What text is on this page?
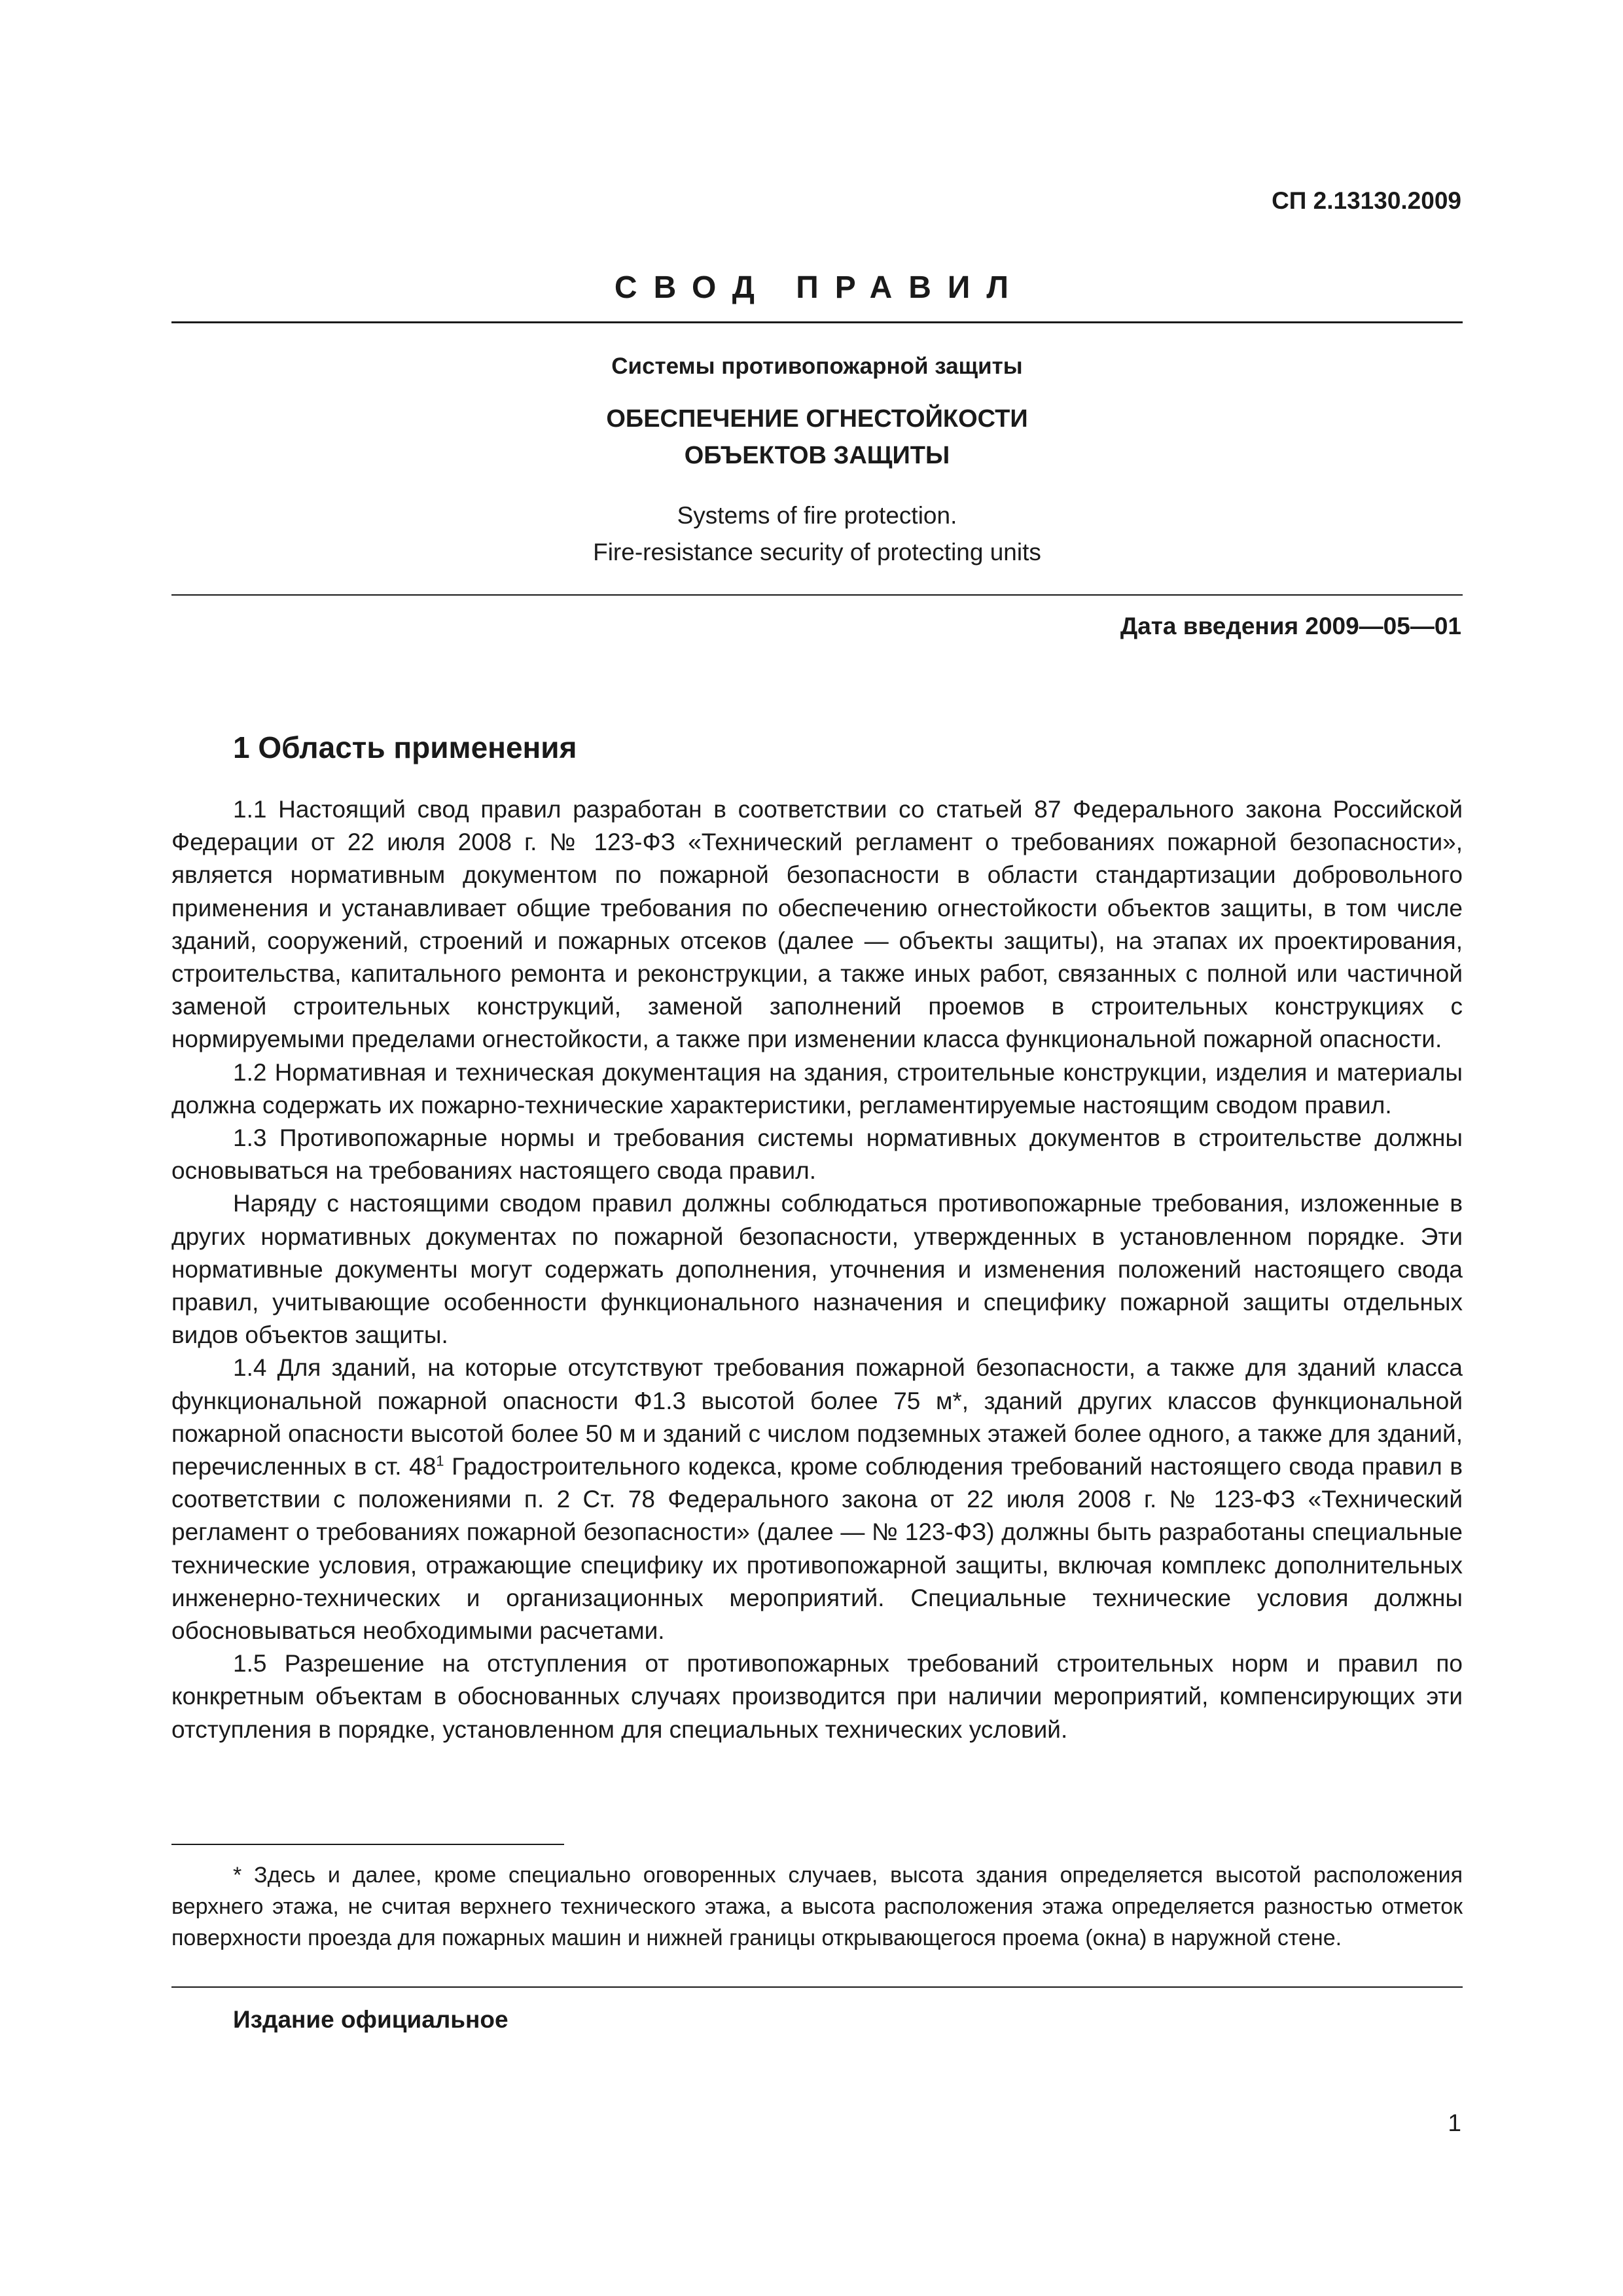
СП 2.13130.2009
СВОД ПРАВИЛ
Системы противопожарной защиты
ОБЕСПЕЧЕНИЕ ОГНЕСТОЙКОСТИ
ОБЪЕКТОВ ЗАЩИТЫ
Systems of fire protection.
Fire-resistance security of protecting units
Дата введения 2009—05—01
1 Область применения

1.1 Настоящий свод правил разработан в соответствии со статьей 87 Федерального закона Российской Федерации от 22 июля 2008 г. № 123-ФЗ «Технический регламент о требованиях пожарной безопасности», является нормативным документом по пожарной безопасности в области стандартизации добровольного применения и устанавливает общие требования по обеспечению огнестойкости объектов защиты, в том числе зданий, сооружений, строений и пожарных отсеков (далее — объекты защиты), на этапах их проектирования, строительства, капитального ремонта и реконструкции, а также иных работ, связанных с полной или частичной заменой строительных конструкций, заменой заполнений проемов в строительных конструкциях с нормируемыми пределами огнестойкости, а также при изменении класса функциональной пожарной опасности.

1.2 Нормативная и техническая документация на здания, строительные конструкции, изделия и материалы должна содержать их пожарно-технические характеристики, регламентируемые настоящим сводом правил.

1.3 Противопожарные нормы и требования системы нормативных документов в строительстве должны основываться на требованиях настоящего свода правил.

Наряду с настоящими сводом правил должны соблюдаться противопожарные требования, изложенные в других нормативных документах по пожарной безопасности, утвержденных в установленном порядке. Эти нормативные документы могут содержать дополнения, уточнения и изменения положений настоящего свода правил, учитывающие особенности функционального назначения и специфику пожарной защиты отдельных видов объектов защиты.

1.4 Для зданий, на которые отсутствуют требования пожарной безопасности, а также для зданий класса функциональной пожарной опасности Ф1.3 высотой более 75 м*, зданий других классов функциональной пожарной опасности высотой более 50 м и зданий с числом подземных этажей более одного, а также для зданий, перечисленных в ст. $48^1$ Градостроительного кодекса, кроме соблюдения требований настоящего свода правил в соответствии с положениями п. 2 Ст. 78 Федерального закона от 22 июля 2008 г. № 123-ФЗ «Технический регламент о требованиях пожарной безопасности» (далее — № 123-ФЗ) должны быть разработаны специальные технические условия, отражающие специфику их противопожарной защиты, включая комплекс дополнительных инженерно-технических и организационных мероприятий. Специальные технические условия должны обосновываться необходимыми расчетами.

1.5 Разрешение на отступления от противопожарных требований строительных норм и правил по конкретным объектам в обоснованных случаях производится при наличии мероприятий, компенсирующих эти отступления в порядке, установленном для специальных технических условий.

* Здесь и далее, кроме специально оговоренных случаев, высота здания определяется высотой расположения верхнего этажа, не считая верхнего технического этажа, а высота расположения этажа определяется разностью отметок поверхности проезда для пожарных машин и нижней границы открывающегося проема (окна) в наружной стене.

Издание официальное
1
